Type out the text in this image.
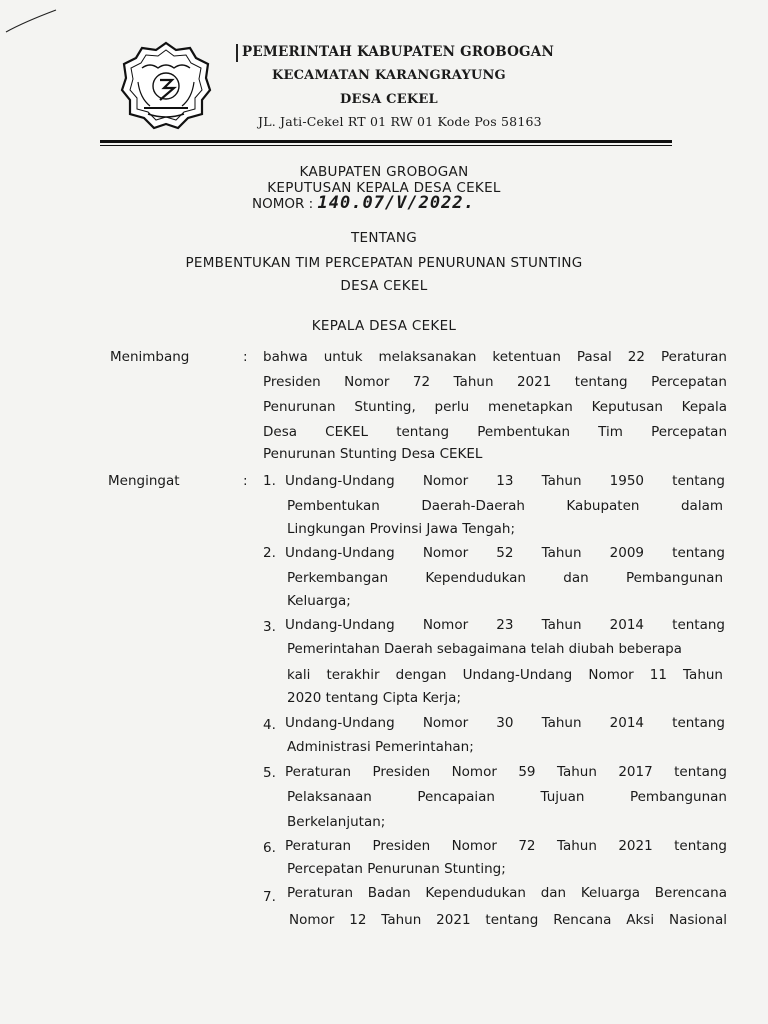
PEMERINTAH KABUPATEN GROBOGAN
KECAMATAN KARANGRAYUNG
DESA CEKEL
JL. Jati-Cekel RT 01 RW 01 Kode Pos 58163
KABUPATEN GROBOGAN
KEPUTUSAN KEPALA DESA CEKEL
NOMOR : 140.07/V/2022.
TENTANG
PEMBENTUKAN TIM PERCEPATAN PENURUNAN STUNTING
DESA CEKEL
KEPALA DESA CEKEL
Menimbang	: bahwa untuk melaksanakan ketentuan Pasal 22 Peraturan
Presiden Nomor 72 Tahun 2021 tentang Percepatan
Penurunan Stunting, perlu menetapkan Keputusan Kepala
Desa CEKEL tentang Pembentukan Tim Percepatan
Penurunan Stunting Desa CEKEL
Mengingat	: 1. Undang-Undang Nomor 13 Tahun 1950 tentang
Pembentukan Daerah-Daerah Kabupaten dalam
Lingkungan Provinsi Jawa Tengah;
2. Undang-Undang Nomor 52 Tahun 2009 tentang
Perkembangan Kependudukan dan Pembangunan
Keluarga;
3. Undang-Undang Nomor 23 Tahun 2014 tentang
Pemerintahan Daerah sebagaimana telah diubah beberapa
kali terakhir dengan Undang-Undang Nomor 11 Tahun
2020 tentang Cipta Kerja;
4. Undang-Undang Nomor 30 Tahun 2014 tentang
Administrasi Pemerintahan;
5. Peraturan Presiden Nomor 59 Tahun 2017 tentang
Pelaksanaan Pencapaian Tujuan Pembangunan
Berkelanjutan;
6. Peraturan Presiden Nomor 72 Tahun 2021 tentang
Percepatan Penurunan Stunting;
7. Peraturan Badan Kependudukan dan Keluarga Berencana
Nomor 12 Tahun 2021 tentang Rencana Aksi Nasional
